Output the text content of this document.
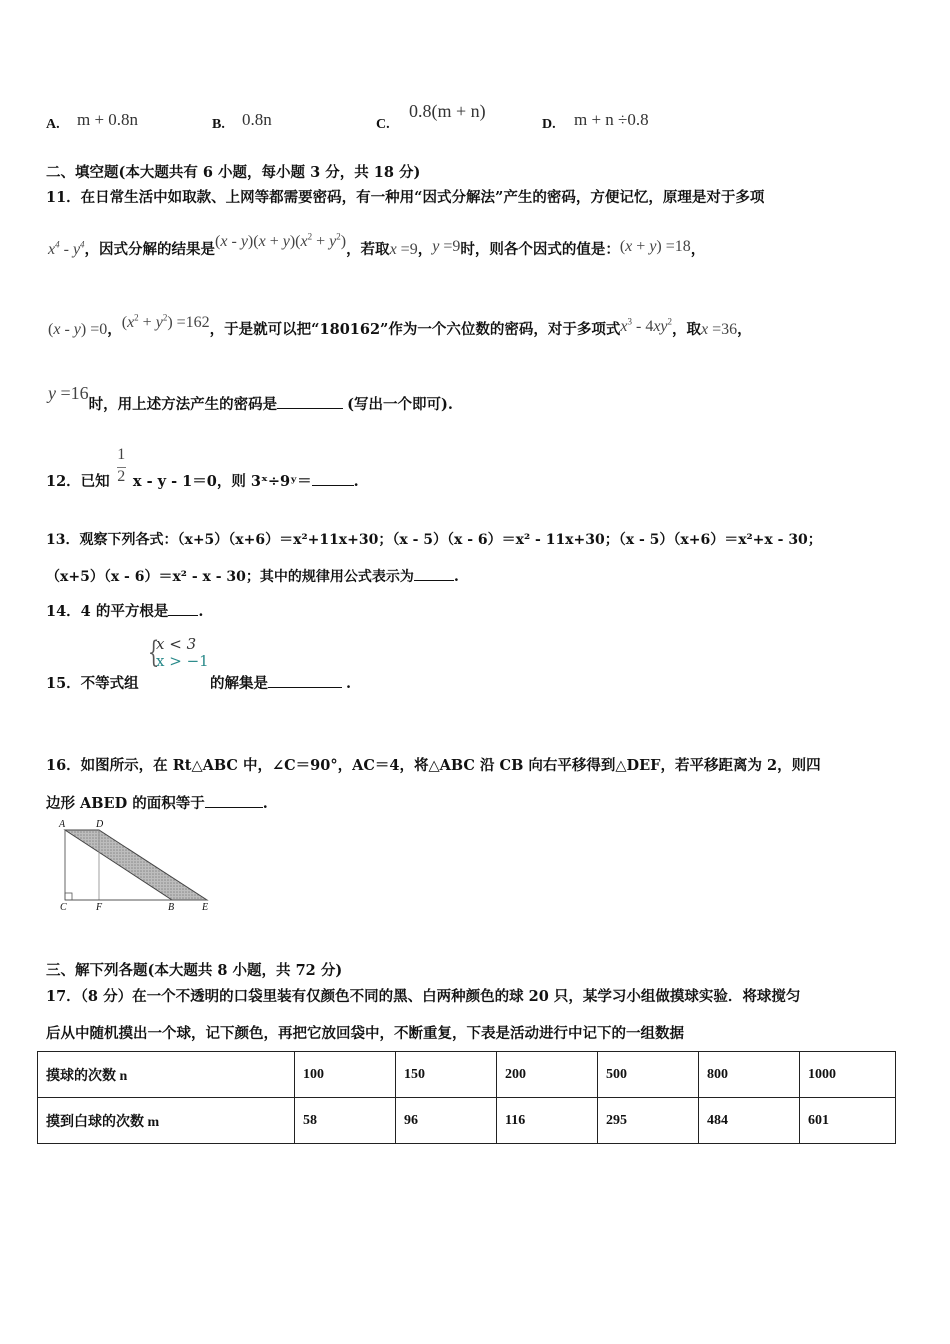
A. m + 0.8n	B. 0.8n	C.
0.8(m + n)
D. m + n ÷0.8
二、填空题(本大题共有 6 小题，每小题 3 分，共 18 分)
11．在日常生活中如取款、上网等都需要密码，有一种用“因式分解法”产生的密码，方便记忆，原理是对于多项
$x^4 - y^4$，因式分解的结果是$(x - y)(x + y)(x^2 + y^2)$，若取x =9，y =9时，则各个因式的值是：(x + y) =18，
(x - y) =0，$(x^2 + y^2) =162$，于是就可以把“180162”作为一个六位数的密码，对于多项式$x^3 - 4xy^2$，取x =36，
y =16时，用上述方法产生的密码是	(写出一个即可).
12．已知 $\frac{1}{2}$ x - y - 1＝0，则 3ˣ÷9ʸ＝	.
13．观察下列各式：（x+5）（x+6）＝x²+11x+30；（x - 5）（x - 6）＝x² - 11x+30；（x - 5）（x+6）＝x²+x - 30；
（x+5）（x - 6）＝x² - x - 30；其中的规律用公式表示为	.
14．4 的平方根是 .
{
x < 3
x > −1
15．不等式组	的解集是	.
16．如图所示，在 Rt△ABC 中，∠C＝90°，AC＝4，将△ABC 沿 CB 向右平移得到△DEF，若平移距离为 2，则四
边形 ABED 的面积等于	.
A	D
C	F	B	E
三、解下列各题(本大题共 8 小题，共 72 分)
17．（8 分）在一个不透明的口袋里装有仅颜色不同的黑、白两种颜色的球 20 只，某学习小组做摸球实验．将球搅匀
后从中随机摸出一个球，记下颜色，再把它放回袋中，不断重复，下表是活动进行中记下的一组数据
摸球的次数 n	100	150	200	500	800	1000
摸到白球的次数 m	58	96	116	295	484	601
